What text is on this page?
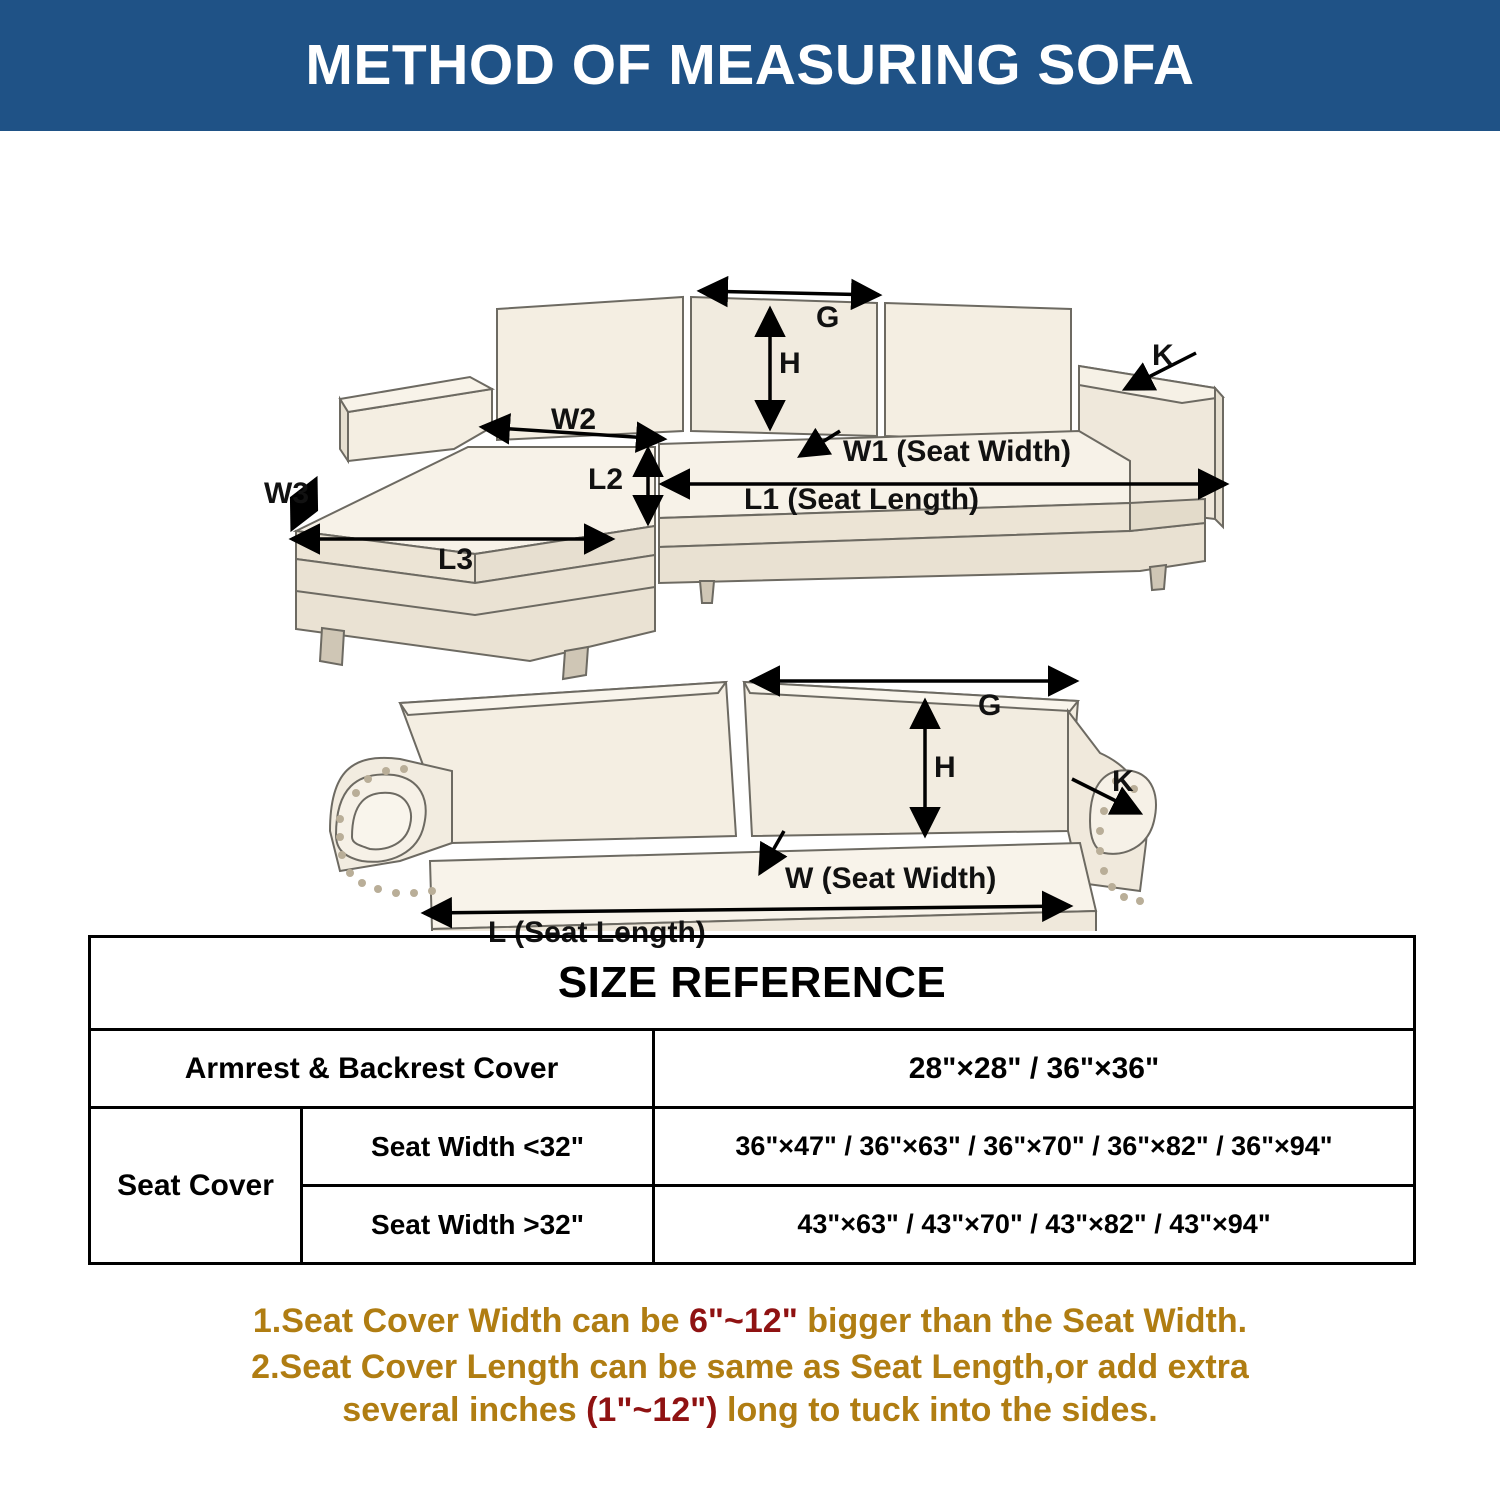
METHOD OF MEASURING SOFA
G
H	K
W2
W1 (Seat Width)
L2
L1 (Seat Length)
W3
L3
G
H	K
W (Seat Width)
L (Seat Length)
SIZE REFERENCE		
Armrest & Backrest Cover		28"×28" / 36"×36"
Seat Cover	Seat Width <32"	36"×47" / 36"×63" / 36"×70" / 36"×82" / 36"×94"
	Seat Width >32"	43"×63" / 43"×70" / 43"×82" / 43"×94"
1.Seat Cover Width can be 6"~12" bigger than the Seat Width.
2.Seat Cover Length can be same as Seat Length,or add extra
several inches (1"~12") long to tuck into the sides.
